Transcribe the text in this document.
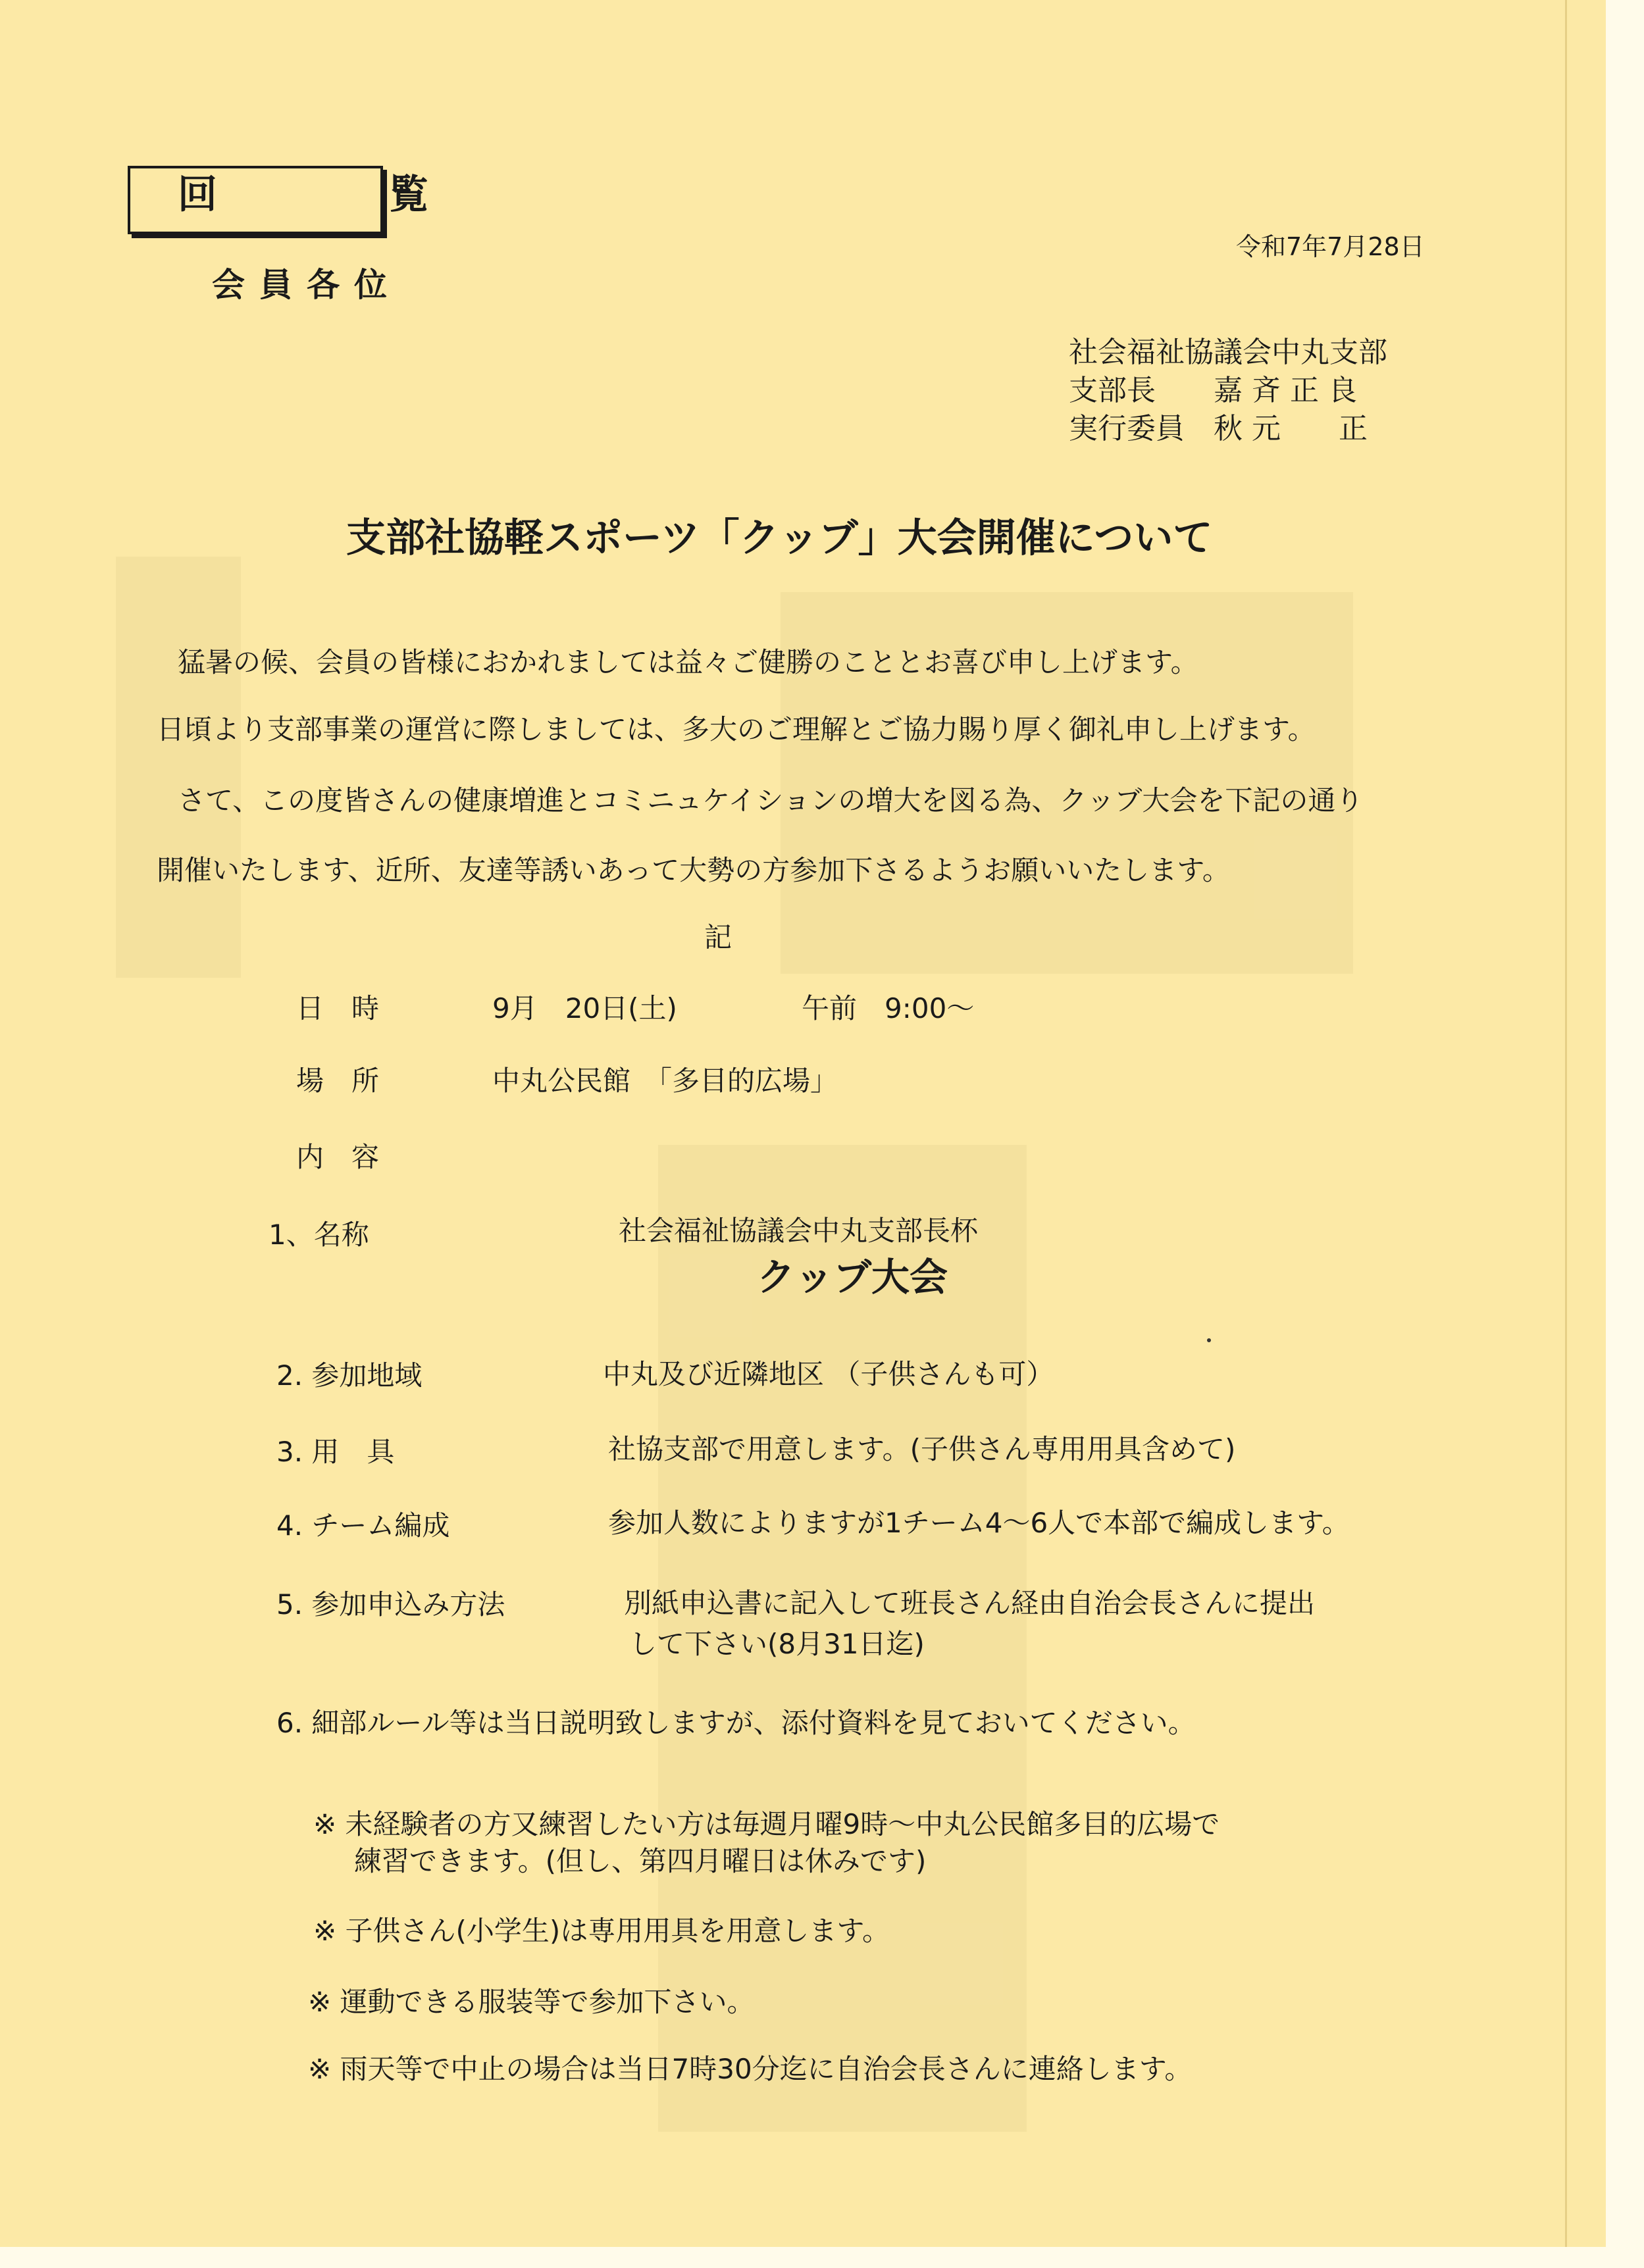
回 覧
令和7年7月28日
会員各位
社会福祉協議会中丸支部
支部長　　嘉 斉 正 良
実行委員　秋 元　　正
支部社協軽スポーツ「クッブ」大会開催について
猛暑の候、会員の皆様におかれましては益々ご健勝のこととお喜び申し上げます。
日頃より支部事業の運営に際しましては、多大のご理解とご協力賜り厚く御礼申し上げます。
さて、この度皆さんの健康増進とコミニュケイションの増大を図る為、クッブ大会を下記の通り
開催いたします、近所、友達等誘いあって大勢の方参加下さるようお願いいたします。
記
日　時	9月　20日(土)	午前　9:00～
場　所	中丸公民館　「多目的広場」
内　容
1、名称	社会福祉協議会中丸支部長杯
クッブ大会
2. 参加地域	中丸及び近隣地区 （子供さんも可）
3. 用　具	社協支部で用意します。(子供さん専用用具含めて)
4. チーム編成	参加人数によりますが1チーム4～6人で本部で編成します。
5. 参加申込み方法	別紙申込書に記入して班長さん経由自治会長さんに提出
して下さい(8月31日迄)
6. 細部ルール等は当日説明致しますが、添付資料を見ておいてください。
※ 未経験者の方又練習したい方は毎週月曜9時～中丸公民館多目的広場で
練習できます。(但し、第四月曜日は休みです)
※ 子供さん(小学生)は専用用具を用意します。
※ 運動できる服装等で参加下さい。
※ 雨天等で中止の場合は当日7時30分迄に自治会長さんに連絡します。
